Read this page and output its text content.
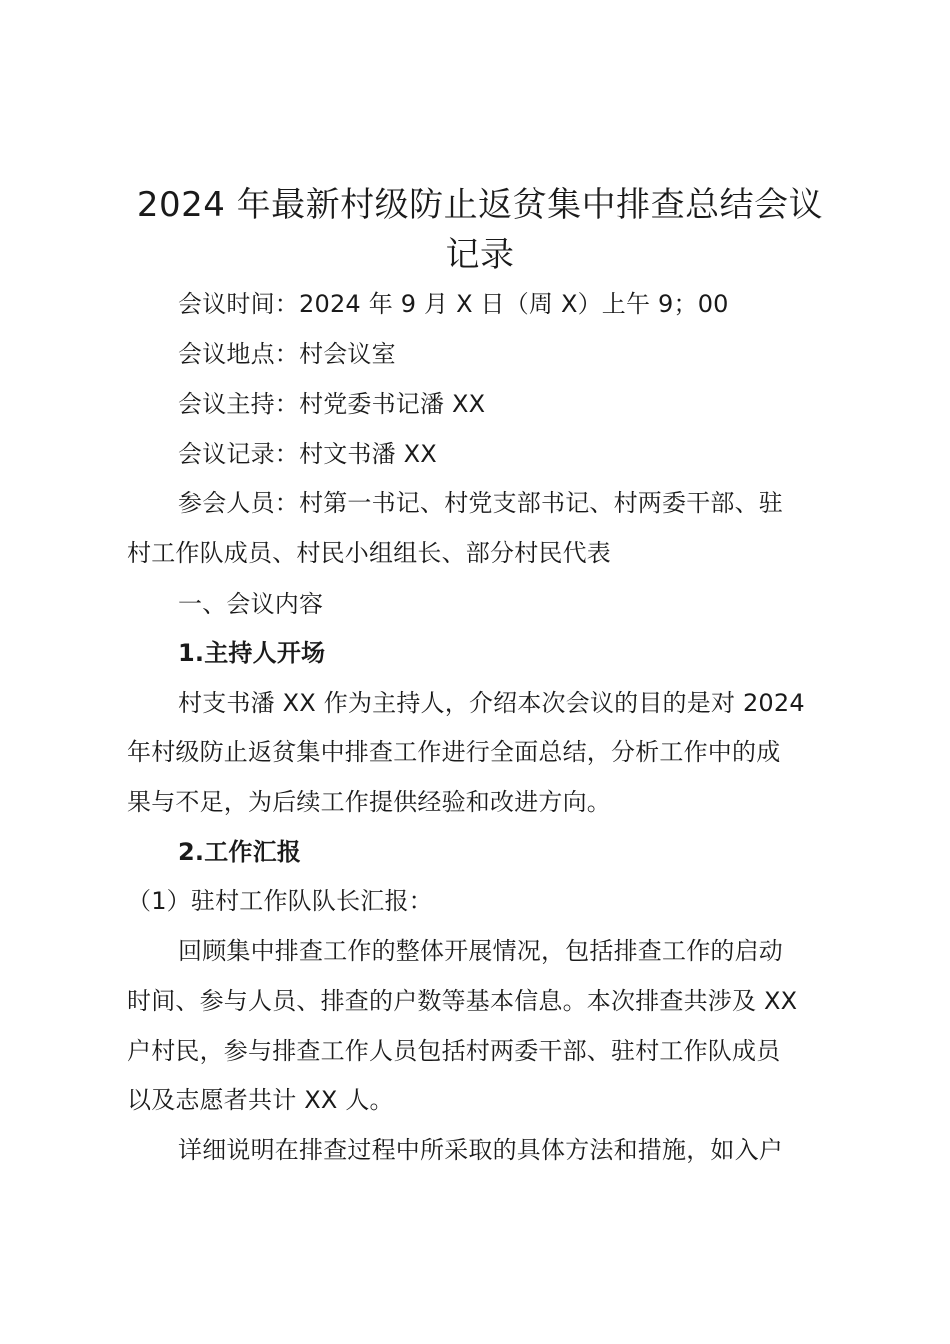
2024 年最新村级防止返贫集中排查总结会议
记录
会议时间：2024 年 9 月 X 日（周 X）上午 9；00
会议地点：村会议室
会议主持：村党委书记潘 XX
会议记录：村文书潘 XX
参会人员：村第一书记、村党支部书记、村两委干部、驻
村工作队成员、村民小组组长、部分村民代表
一、会议内容
1.主持人开场
村支书潘 XX 作为主持人，介绍本次会议的目的是对 2024
年村级防止返贫集中排查工作进行全面总结，分析工作中的成
果与不足，为后续工作提供经验和改进方向。
2.工作汇报
（1）驻村工作队队长汇报：
回顾集中排查工作的整体开展情况，包括排查工作的启动
时间、参与人员、排查的户数等基本信息。本次排查共涉及 XX
户村民，参与排查工作人员包括村两委干部、驻村工作队成员
以及志愿者共计 XX 人。
详细说明在排查过程中所采取的具体方法和措施，如入户
